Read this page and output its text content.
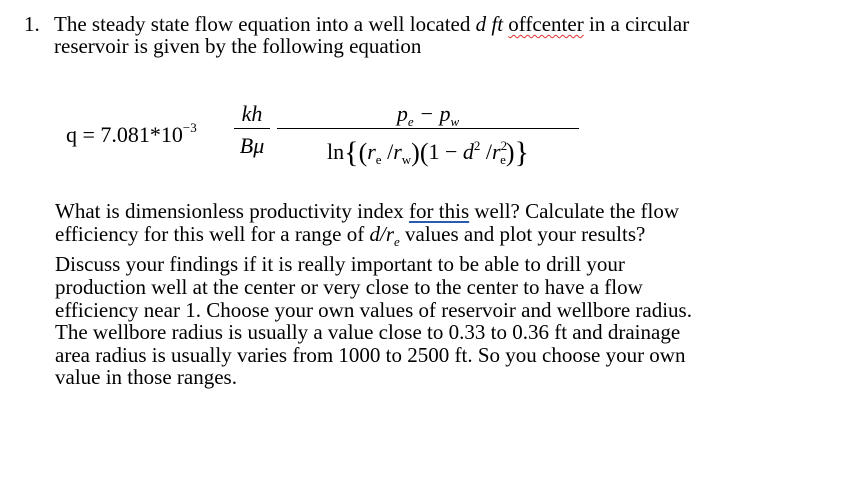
1. The steady state flow equation into a well located d ft offcenter in a circular
reservoir is given by the following equation
$q = 7.081*10^{-3}$
kh
Bμ
$p_e - p_w$
$\ln\{(r_e$ $/r_w)(1 - d^2$ $/r^2_e$)}
What is dimensionless productivity index for this well? Calculate the flow
efficiency for this well for a range of $d/r_e$ values and plot your results?
Discuss your findings if it is really important to be able to drill your
production well at the center or very close to the center to have a flow
efficiency near 1. Choose your own values of reservoir and wellbore radius.
The wellbore radius is usually a value close to 0.33 to 0.36 ft and drainage
area radius is usually varies from 1000 to 2500 ft. So you choose your own
value in those ranges.
